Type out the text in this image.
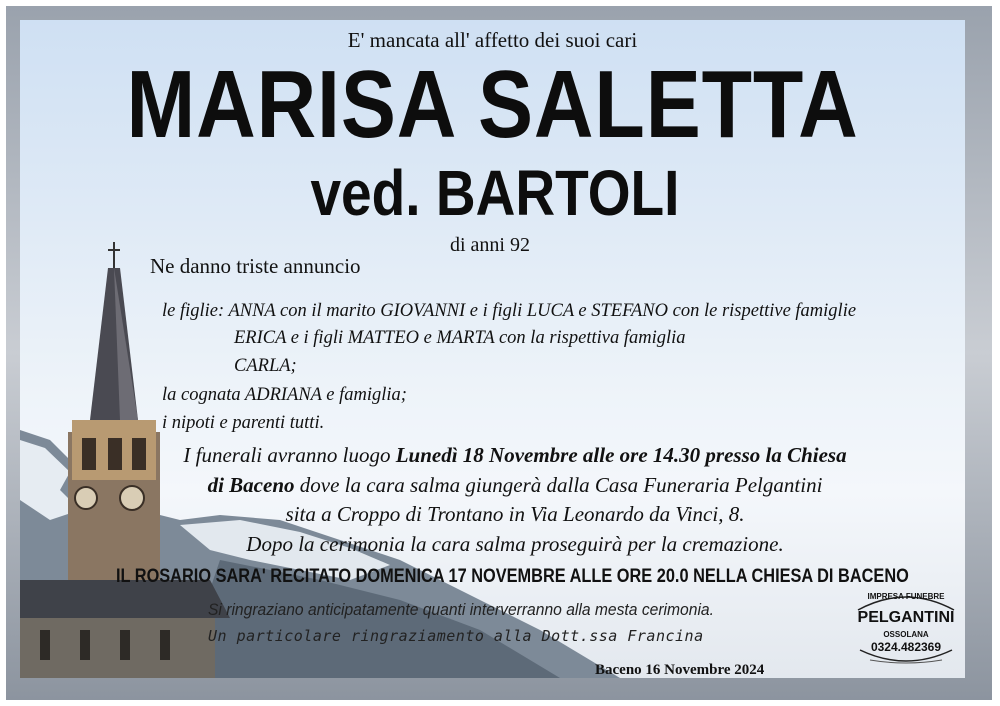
E' mancata all' affetto dei suoi cari
MARISA SALETTA
ved. BARTOLI
di anni 92
Ne danno triste annuncio
le figlie: ANNA con il marito GIOVANNI e i figli LUCA e STEFANO con le rispettive famiglie
ERICA e i figli MATTEO e MARTA con la rispettiva famiglia
CARLA;
la cognata ADRIANA e famiglia;
i nipoti e parenti tutti.
I funerali avranno luogo Lunedì 18 Novembre alle ore 14.30 presso la Chiesa
di Baceno dove la cara salma giungerà dalla Casa Funeraria Pelgantini
sita a Croppo di Trontano in Via Leonardo da Vinci, 8.
Dopo la cerimonia la cara salma proseguirà per la cremazione.
IL ROSARIO SARA' RECITATO DOMENICA 17 NOVEMBRE ALLE ORE 20.0 NELLA CHIESA DI BACENO
Si ringraziano anticipatamente quanti interverranno alla mesta cerimonia.
Un particolare ringraziamento alla Dott.ssa Francina
Baceno 16 Novembre 2024
IMPRESA FUNEBRE
PELGANTINI
OSSOLANA
0324.482369
